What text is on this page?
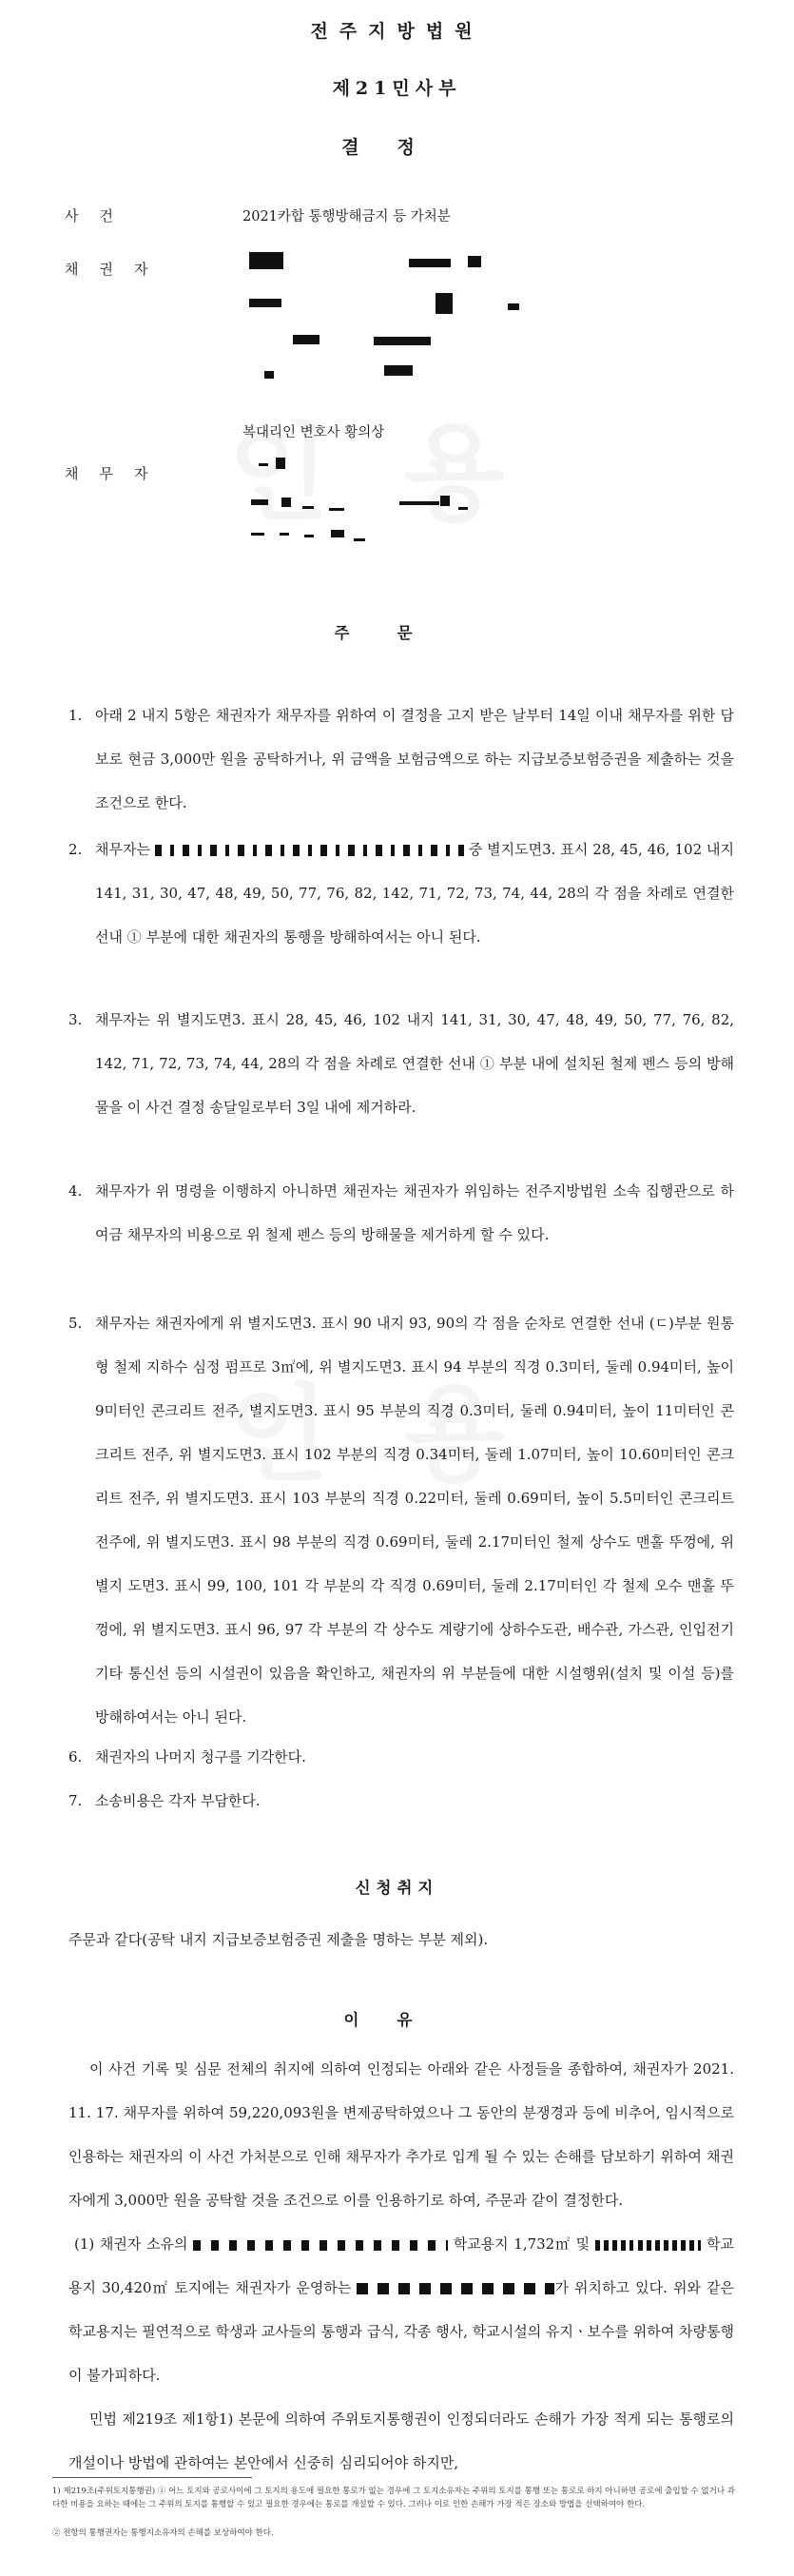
전주지방법원
제21민사부
결정
사건	2021카합 통행방해금지 등 가처분
채권자
복대리인 변호사 황의상
채무자
주문
1. 아래 2 내지 5항은 채권자가 채무자를 위하여 이 결정을 고지 받은 날부터 14일 이내 채무자를 위한 담보로 현금 3,000만 원을 공탁하거나, 위 금액을 보험금액으로 하는 지급보증보험증권을 제출하는 것을 조건으로 한다.
2. 채무자는	중 별지도면3. 표시 28, 45, 46, 102 내지 141, 31, 30, 47, 48, 49, 50, 77, 76, 82, 142, 71, 72, 73, 74, 44, 28의 각 점을 차례로 연결한 선내 ① 부분에 대한 채권자의 통행을 방해하여서는 아니 된다.
3. 채무자는 위 별지도면3. 표시 28, 45, 46, 102 내지 141, 31, 30, 47, 48, 49, 50, 77, 76, 82, 142, 71, 72, 73, 74, 44, 28의 각 점을 차례로 연결한 선내 ① 부분 내에 설치된 철제 펜스 등의 방해물을 이 사건 결정 송달일로부터 3일 내에 제거하라.
4. 채무자가 위 명령을 이행하지 아니하면 채권자는 채권자가 위임하는 전주지방법원 소속 집행관으로 하여금 채무자의 비용으로 위 철제 펜스 등의 방해물을 제거하게 할 수 있다.
5. 채무자는 채권자에게 위 별지도면3. 표시 90 내지 93, 90의 각 점을 순차로 연결한 선내 (ㄷ)부분 원통형 철제 지하수 심정 펌프로 3㎡에, 위 별지도면3. 표시 94 부분의 직경 0.3미터, 둘레 0.94미터, 높이 9미터인 콘크리트 전주, 별지도면3. 표시 95 부분의 직경 0.3미터, 둘레 0.94미터, 높이 11미터인 콘크리트 전주, 위 별지도면3. 표시 102 부분의 직경 0.34미터, 둘레 1.07미터, 높이 10.60미터인 콘크리트 전주, 위 별지도면3. 표시 103 부분의 직경 0.22미터, 둘레 0.69미터, 높이 5.5미터인 콘크리트 전주에, 위 별지도면3. 표시 98 부분의 직경 0.69미터, 둘레 2.17미터인 철제 상수도 맨홀 뚜껑에, 위 별지 도면3. 표시 99, 100, 101 각 부분의 각 직경 0.69미터, 둘레 2.17미터인 각 철제 오수 맨홀 뚜껑에, 위 별지도면3. 표시 96, 97 각 부분의 각 상수도 계량기에 상하수도관, 배수관, 가스관, 인입전기 기타 통신선 등의 시설권이 있음을 확인하고, 채권자의 위 부분들에 대한 시설행위(설치 및 이설 등)를 방해하여서는 아니 된다.
6. 채권자의 나머지 청구를 기각한다.
7. 소송비용은 각자 부담한다.
신청취지
주문과 같다(공탁 내지 지급보증보험증권 제출을 명하는 부분 제외).
이유
이 사건 기록 및 심문 전체의 취지에 의하여 인정되는 아래와 같은 사정들을 종합하여, 채권자가 2021. 11. 17. 채무자를 위하여 59,220,093원을 변제공탁하였으나 그 동안의 분쟁경과 등에 비추어, 임시적으로 인용하는 채권자의 이 사건 가처분으로 인해 채무자가 추가로 입게 될 수 있는 손해를 담보하기 위하여 채권자에게 3,000만 원을 공탁할 것을 조건으로 이를 인용하기로 하여, 주문과 같이 결정한다.
(1) 채권자 소유의	학교용지 1,732㎡ 및	학교용지 30,420㎡ 토지에는 채권자가 운영하는	가 위치하고 있다. 위와 같은 학교용지는 필연적으로 학생과 교사들의 통행과 급식, 각종 행사, 학교시설의 유지ㆍ보수를 위하여 차량통행이 불가피하다.
민법 제219조 제1항1) 본문에 의하여 주위토지통행권이 인정되더라도 손해가 가장 적게 되는 통행로의 개설이나 방법에 관하여는 본안에서 신중히 심리되어야 하지만,
1) 제219조(주위토지통행권) ① 어느 토지와 공로사이에 그 토지의 용도에 필요한 통로가 없는 경우에 그 토지소유자는 주위의 토지를 통행 또는 통로로 하지 아니하면 공로에 출입할 수 없거나 과다한 비용을 요하는 때에는 그 주위의 토지를 통행할 수 있고 필요한 경우에는 통로를 개설할 수 있다. 그러나 이로 인한 손해가 가장 적은 장소와 방법을 선택하여야 한다.
② 전항의 통행권자는 통행지소유자의 손해를 보상하여야 한다.
